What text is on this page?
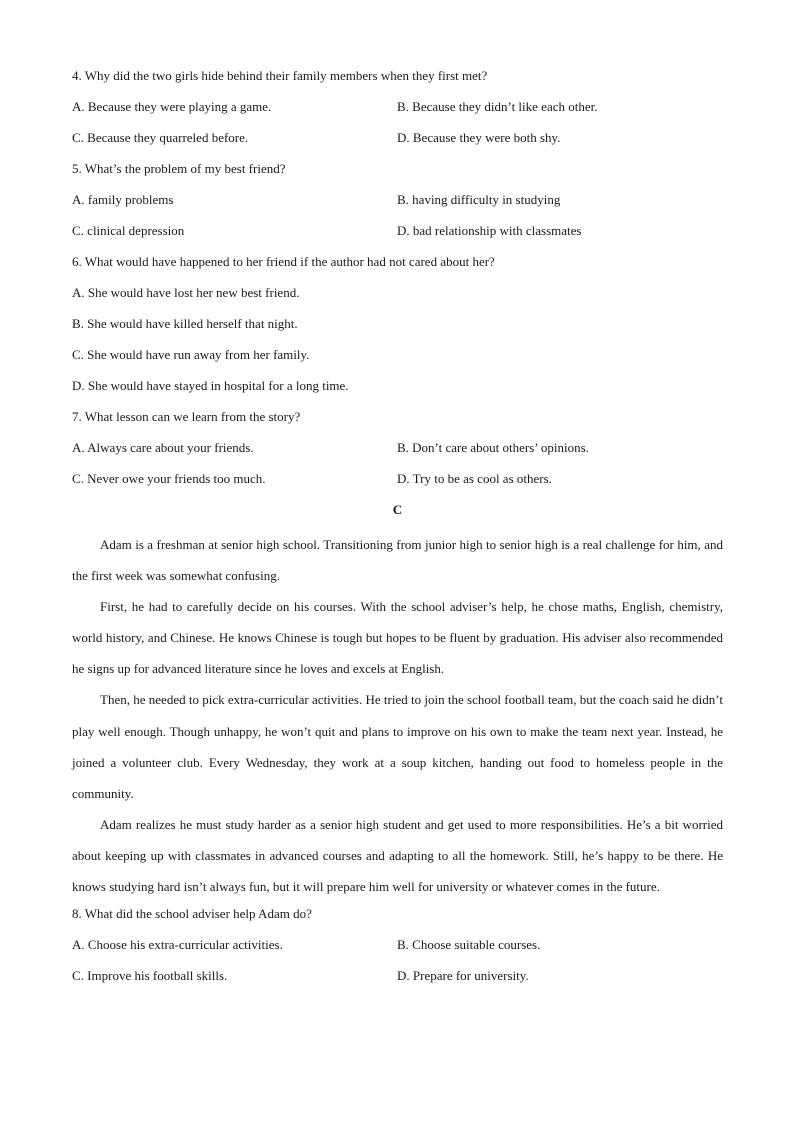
4. Why did the two girls hide behind their family members when they first met?
A. Because they were playing a game.	B. Because they didn’t like each other.
C. Because they quarreled before.	D. Because they were both shy.
5. What’s the problem of my best friend?
A. family problems	B. having difficulty in studying
C. clinical depression	D. bad relationship with classmates
6. What would have happened to her friend if the author had not cared about her?
A. She would have lost her new best friend.
B. She would have killed herself that night.
C. She would have run away from her family.
D. She would have stayed in hospital for a long time.
7. What lesson can we learn from the story?
A. Always care about your friends.	B. Don’t care about others’ opinions.
C. Never owe your friends too much.	D. Try to be as cool as others.
C

Adam is a freshman at senior high school. Transitioning from junior high to senior high is a real challenge for him, and the first week was somewhat confusing.

First, he had to carefully decide on his courses. With the school adviser’s help, he chose maths, English, chemistry, world history, and Chinese. He knows Chinese is tough but hopes to be fluent by graduation. His adviser also recommended he signs up for advanced literature since he loves and excels at English.

Then, he needed to pick extra-curricular activities. He tried to join the school football team, but the coach said he didn’t play well enough. Though unhappy, he won’t quit and plans to improve on his own to make the team next year. Instead, he joined a volunteer club. Every Wednesday, they work at a soup kitchen, handing out food to homeless people in the community.

Adam realizes he must study harder as a senior high student and get used to more responsibilities. He’s a bit worried about keeping up with classmates in advanced courses and adapting to all the homework. Still, he’s happy to be there. He knows studying hard isn’t always fun, but it will prepare him well for university or whatever comes in the future.

8. What did the school adviser help Adam do?
A. Choose his extra-curricular activities.	B. Choose suitable courses.
C. Improve his football skills.	D. Prepare for university.
